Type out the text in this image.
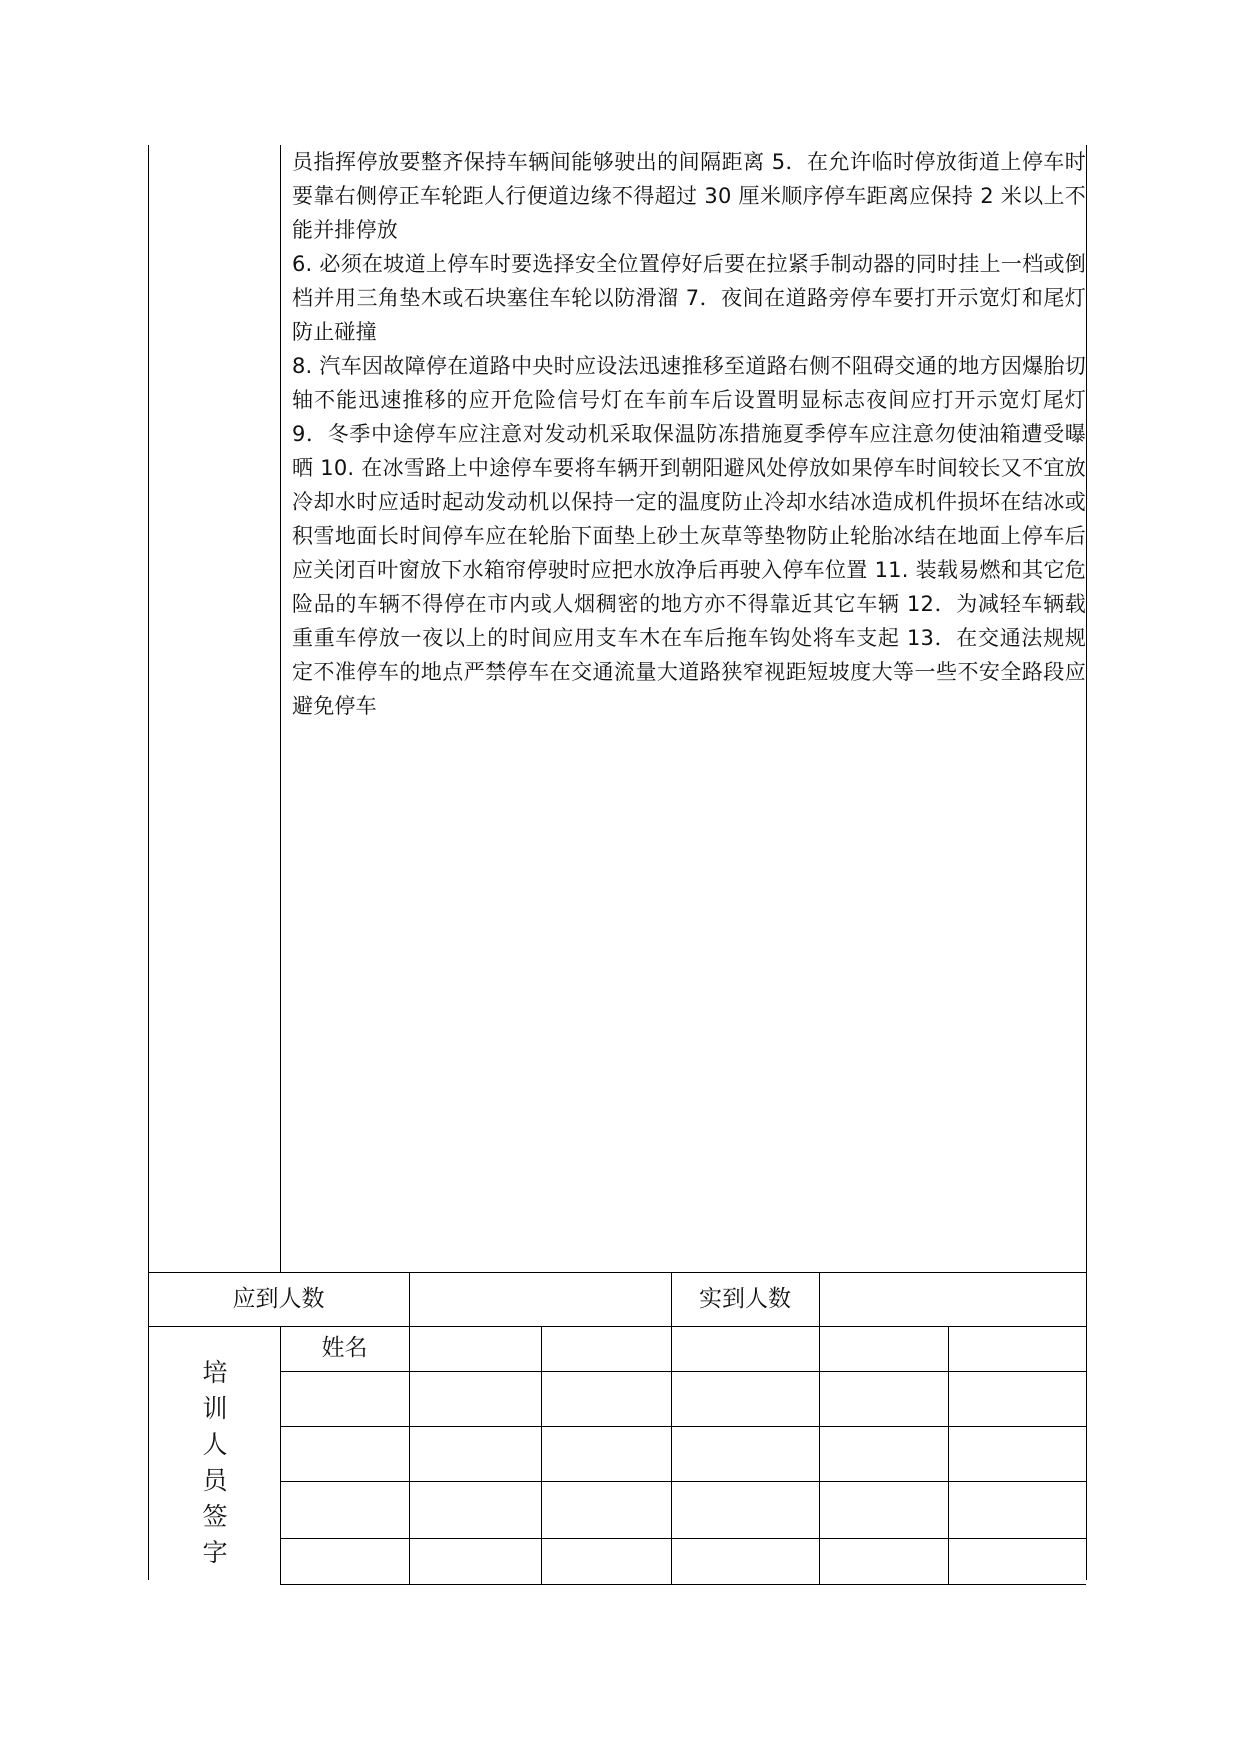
员指挥停放要整齐保持车辆间能够驶出的间隔距离 5．在允许临时停放街道上停车时要靠右侧停正车轮距人行便道边缘不得超过 30 厘米顺序停车距离应保持 2 米以上不能并排停放

6. 必须在坡道上停车时要选择安全位置停好后要在拉紧手制动器的同时挂上一档或倒档并用三角垫木或石块塞住车轮以防滑溜 7．夜间在道路旁停车要打开示宽灯和尾灯防止碰撞

8. 汽车因故障停在道路中央时应设法迅速推移至道路右侧不阻碍交通的地方因爆胎切轴不能迅速推移的应开危险信号灯在车前车后设置明显标志夜间应打开示宽灯尾灯 9．冬季中途停车应注意对发动机采取保温防冻措施夏季停车应注意勿使油箱遭受曝晒 10. 在冰雪路上中途停车要将车辆开到朝阳避风处停放如果停车时间较长又不宜放冷却水时应适时起动发动机以保持一定的温度防止冷却水结冰造成机件损坏在结冰或积雪地面长时间停车应在轮胎下面垫上砂土灰草等垫物防止轮胎冰结在地面上停车后应关闭百叶窗放下水箱帘停驶时应把水放净后再驶入停车位置 11. 装载易燃和其它危险品的车辆不得停在市内或人烟稠密的地方亦不得靠近其它车辆 12．为减轻车辆载重重车停放一夜以上的时间应用支车木在车后拖车钩处将车支起 13．在交通法规规定不准停车的地点严禁停车在交通流量大道路狭窄视距短坡度大等一些不安全路段应避免停车

应到人数	实到人数
姓名
培
训
人
员
签
字
